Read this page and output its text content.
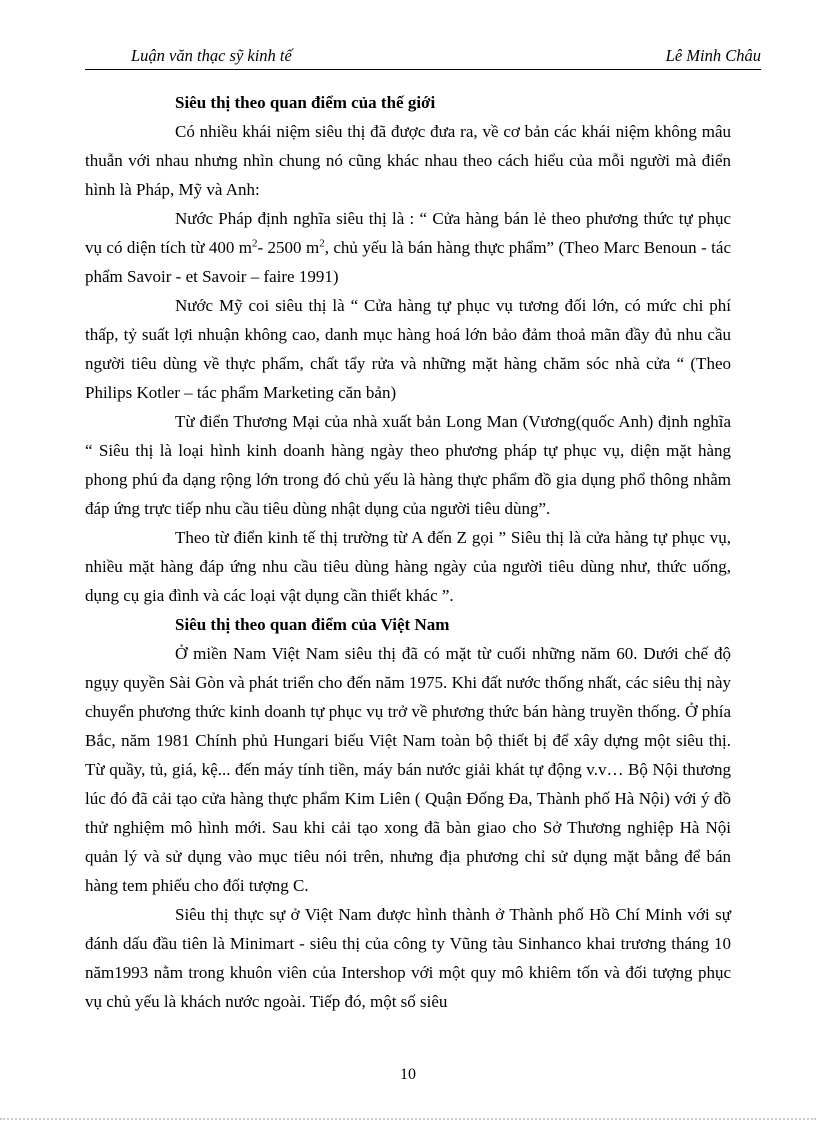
Luận văn thạc sỹ kinh tế	Lê Minh Châu

Siêu thị theo quan điểm của thế giới

Có nhiều khái niệm siêu thị đã được đưa ra, về cơ bản các khái niệm không mâu thuẫn với nhau nhưng nhìn chung nó cũng khác nhau theo cách hiểu của mỗi người mà điển hình là Pháp, Mỹ và Anh:

Nước Pháp định nghĩa siêu thị là : “ Cửa hàng bán lẻ theo phương thức tự phục vụ có diện tích từ 400 $m^2-$ 2500 $m^2$, chủ yếu là bán hàng thực phẩm” (Theo Marc Benoun - tác phẩm Savoir - et Savoir – faire 1991)

Nước Mỹ coi siêu thị là “ Cửa hàng tự phục vụ tương đối lớn, có mức chi phí thấp, tỷ suất lợi nhuận không cao, danh mục hàng hoá lớn bảo đảm thoả mãn đầy đủ nhu cầu người tiêu dùng về thực phẩm, chất tẩy rửa và những mặt hàng chăm sóc nhà cửa “ (Theo Philips Kotler – tác phẩm Marketing căn bản)

Từ điển Thương Mại của nhà xuất bản Long Man (Vương(quốc Anh) định nghĩa “ Siêu thị là loại hình kinh doanh hàng ngày theo phương pháp tự phục vụ, diện mặt hàng phong phú đa dạng rộng lớn trong đó chủ yếu là hàng thực phẩm đồ gia dụng phổ thông nhằm đáp ứng trực tiếp nhu cầu tiêu dùng nhật dụng của người tiêu dùng”.

Theo từ điển kinh tế thị trường từ A đến Z gọi ” Siêu thị là cửa hàng tự phục vụ, nhiều mặt hàng đáp ứng nhu cầu tiêu dùng hàng ngày của người tiêu dùng như, thức uống, dụng cụ gia đình và các loại vật dụng cần thiết khác ”.

Siêu thị theo quan điểm của Việt Nam

Ở miền Nam Việt Nam siêu thị đã có mặt từ cuối những năm 60. Dưới chế độ ngụy quyền Sài Gòn và phát triển cho đến năm 1975. Khi đất nước thống nhất, các siêu thị này chuyển phương thức kinh doanh tự phục vụ trở về phương thức bán hàng truyền thống. Ở phía Bắc, năm 1981 Chính phủ Hungari biếu Việt Nam toàn bộ thiết bị để xây dựng một siêu thị. Từ quầy, tủ, giá, kệ... đến máy tính tiền, máy bán nước giải khát tự động v.v… Bộ Nội thương lúc đó đã cải tạo cửa hàng thực phẩm Kim Liên ( Quận Đống Đa, Thành phố Hà Nội) với ý đồ thử nghiệm mô hình mới. Sau khi cải tạo xong đã bàn giao cho Sở Thương nghiệp Hà Nội quản lý và sử dụng vào mục tiêu nói trên, nhưng địa phương chỉ sử dụng mặt bằng để bán hàng tem phiếu cho đối tượng C.

Siêu thị thực sự ở Việt Nam được hình thành ở Thành phố Hồ Chí Minh với sự đánh dấu đầu tiên là Minimart - siêu thị của công ty Vũng tàu Sinhanco khai trương tháng 10 năm1993 nằm trong khuôn viên của Intershop với một quy mô khiêm tốn và đối tượng phục vụ chủ yếu là khách nước ngoài. Tiếp đó, một số siêu

10
